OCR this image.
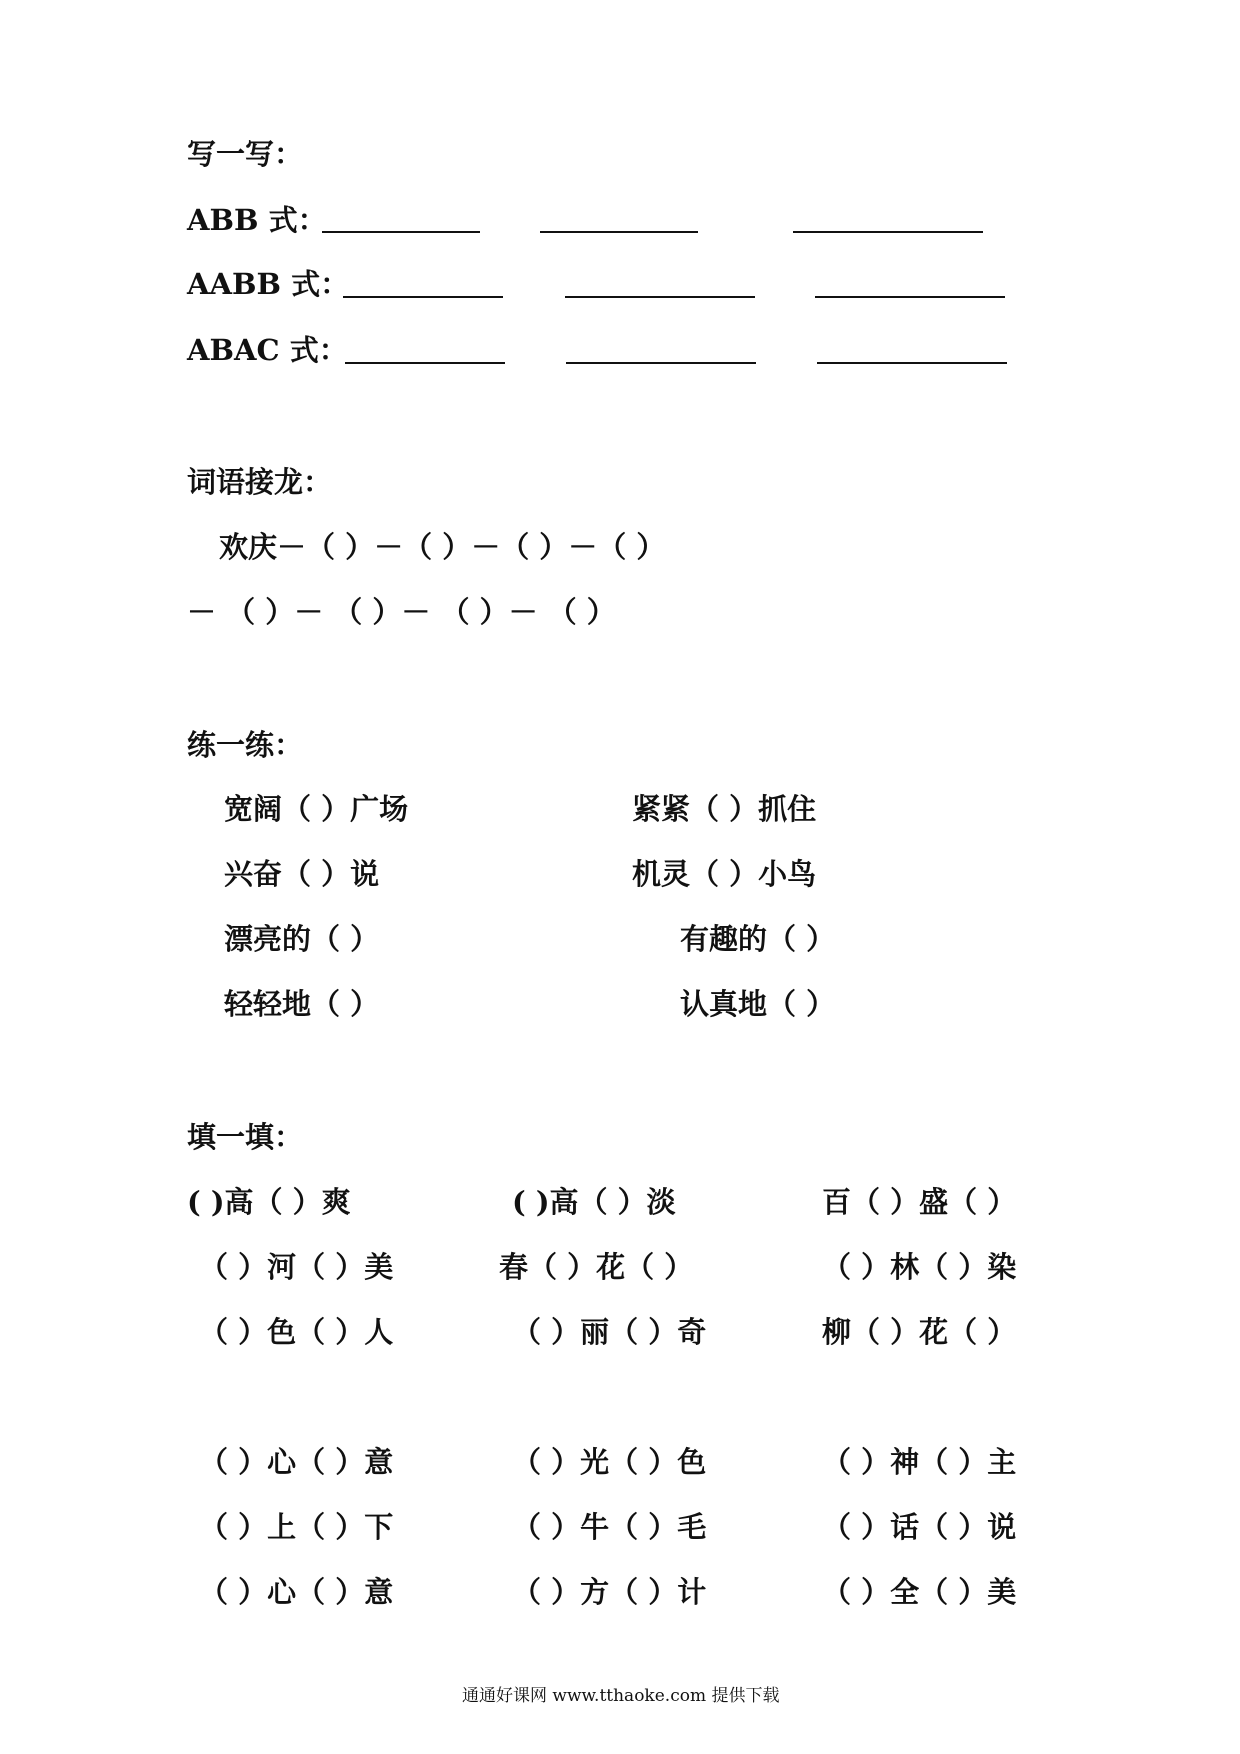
写一写：
ABB 式：
AABB 式：
ABAC 式：
词语接龙：
欢庆－（ ）－（ ）－（ ）－（ ）
－ （ ）－ （ ）－ （ ）－ （ ）
练一练：
宽阔（ ）广场	紧紧（ ）抓住
兴奋（ ）说	机灵（ ）小鸟
漂亮的（ ）	有趣的（ ）
轻轻地（ ）	认真地（ ）
填一填：
( )高（ ）爽	( )高（ ）淡	百（ ）盛（ ）
（ ）河（ ）美	春（ ）花（ ）	（ ）林（ ）染
（ ）色（ ）人	（ ）丽（ ）奇	柳（ ）花（ ）
（ ）心（ ）意	（ ）光（ ）色	（ ）神（ ）主
（ ）上（ ）下	（ ）牛（ ）毛	（ ）话（ ）说
（ ）心（ ）意	（ ）方（ ）计	（ ）全（ ）美
通通好课网 www.tthaoke.com 提供下载
